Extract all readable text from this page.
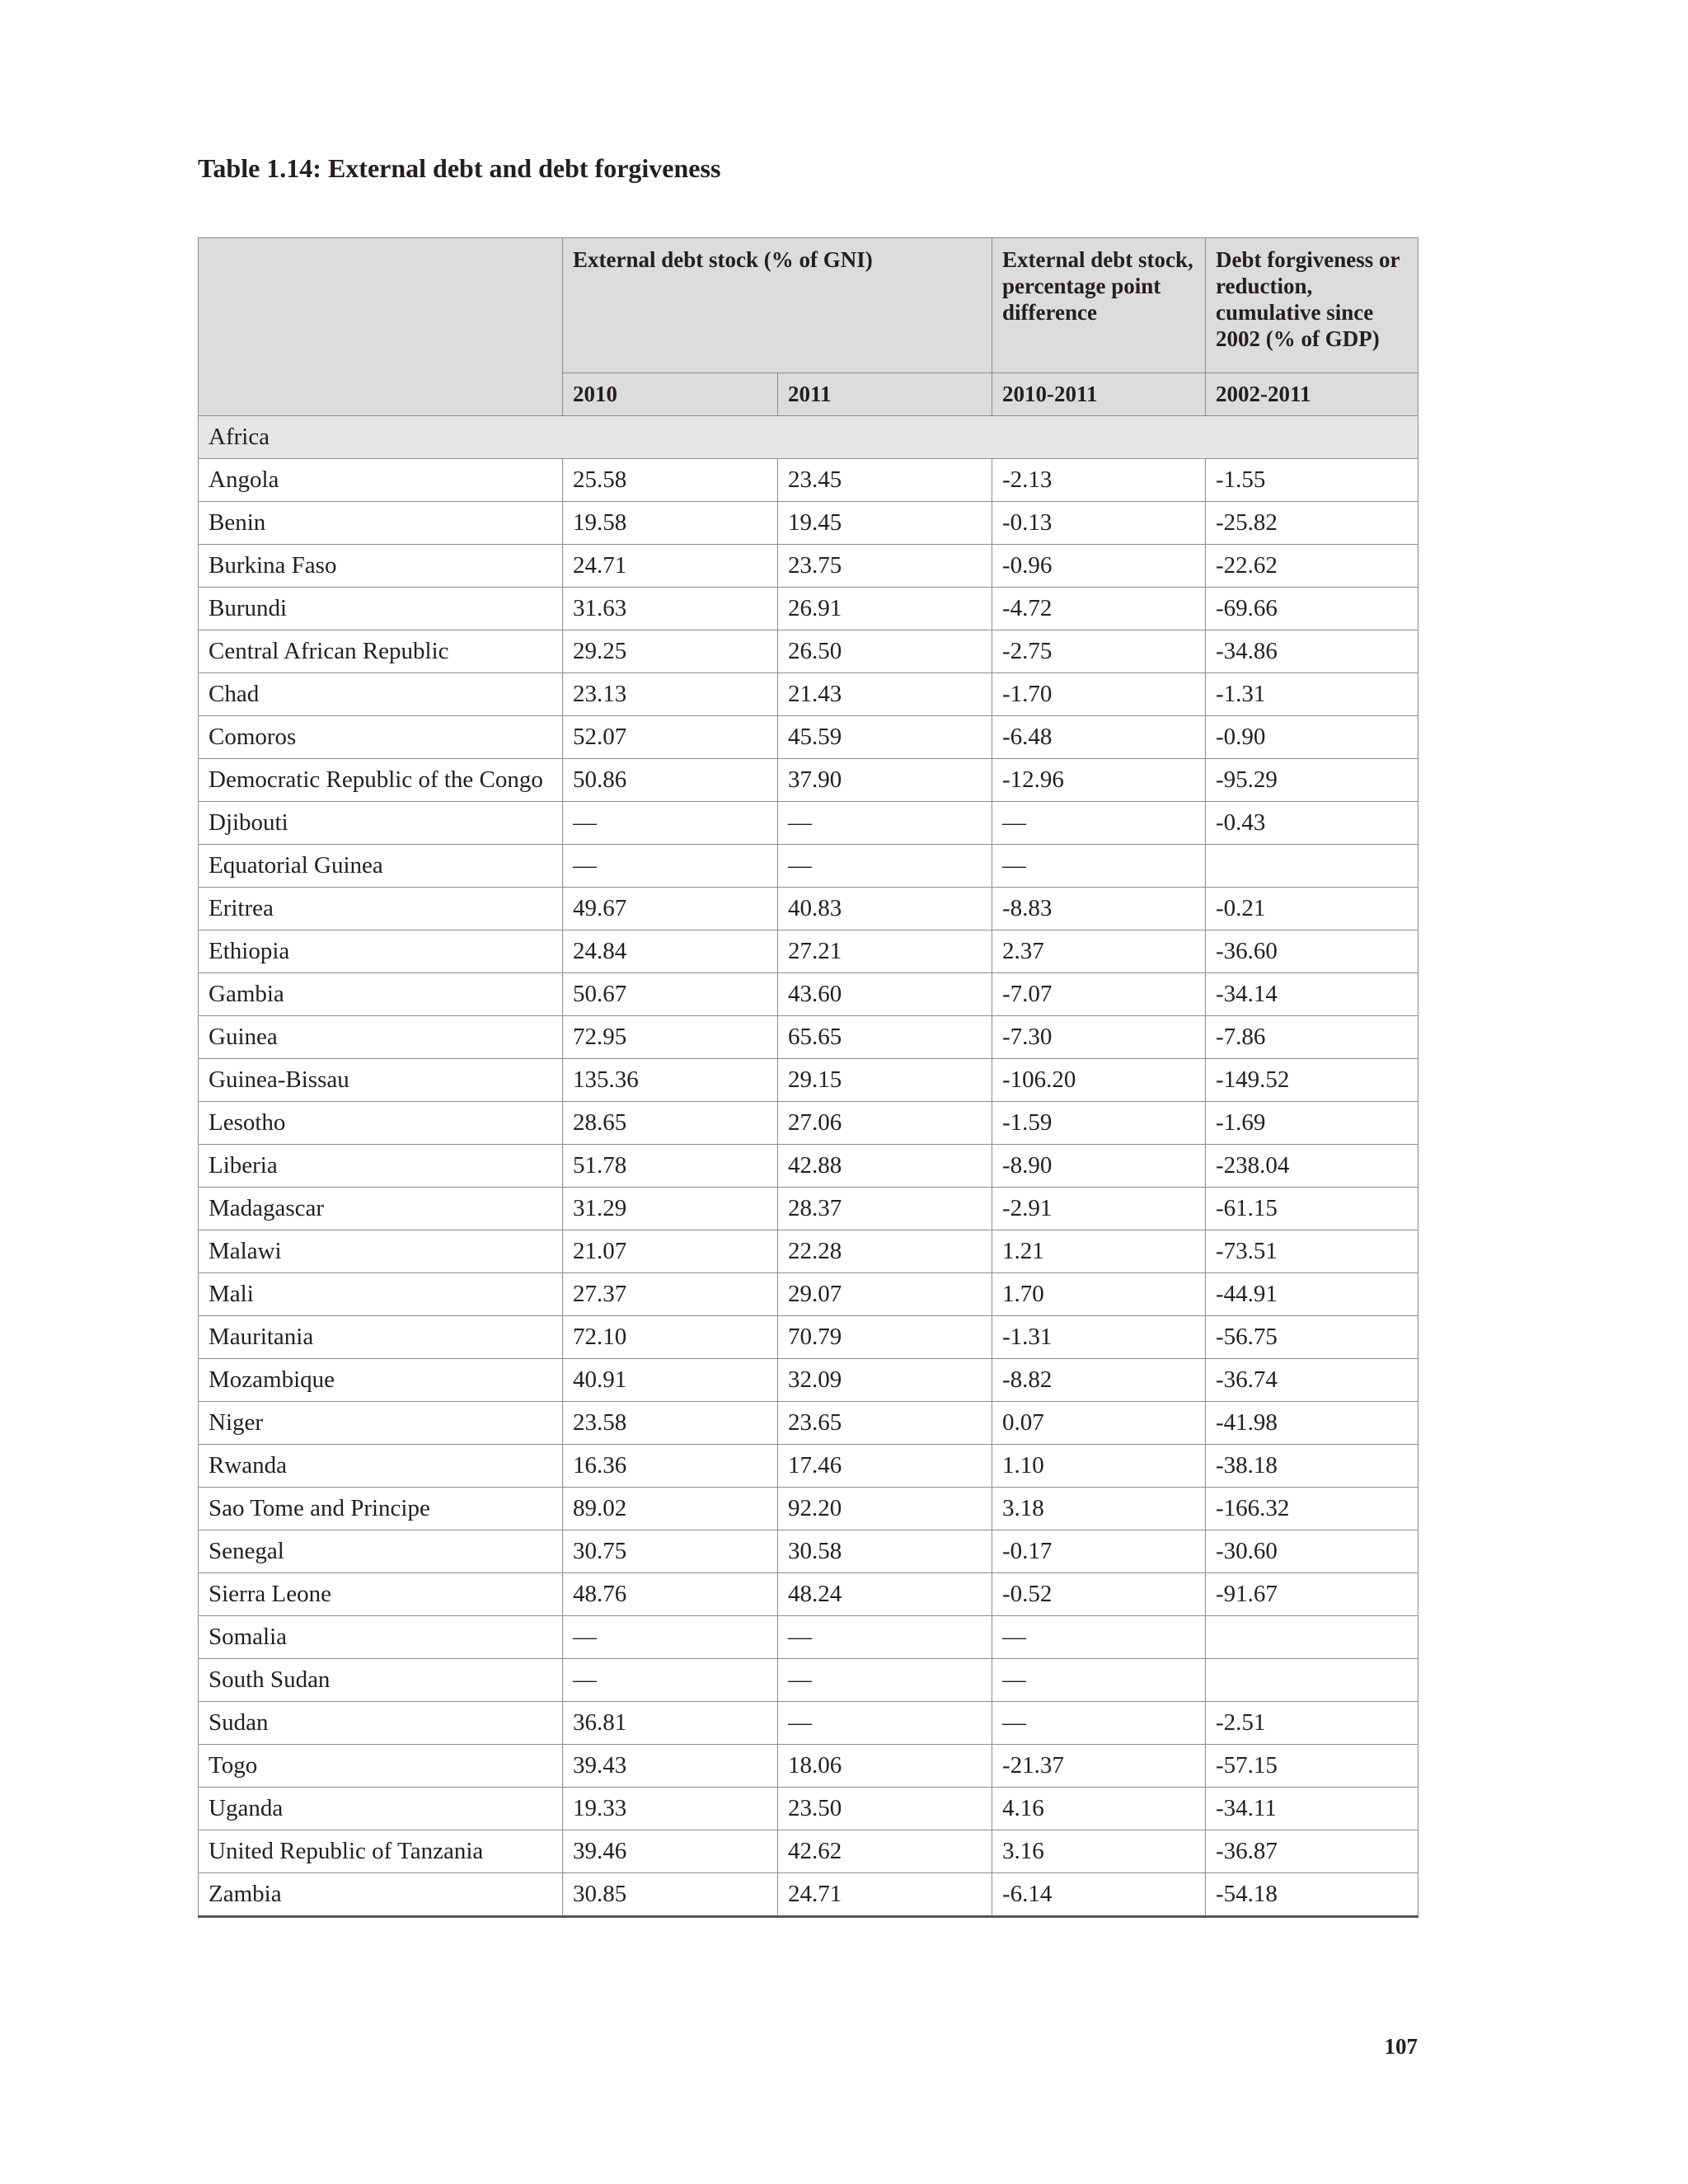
Table 1.14: External debt and debt forgiveness
	External debt stock (% of GNI)		External debt stock, percentage point difference	Debt forgiveness or reduction, cumulative since 2002 (% of GDP)
	2010	2011	2010-2011	2002-2011
Africa				
Angola	25.58	23.45	-2.13	-1.55
Benin	19.58	19.45	-0.13	-25.82
Burkina Faso	24.71	23.75	-0.96	-22.62
Burundi	31.63	26.91	-4.72	-69.66
Central African Republic	29.25	26.50	-2.75	-34.86
Chad	23.13	21.43	-1.70	-1.31
Comoros	52.07	45.59	-6.48	-0.90
Democratic Republic of the Congo	50.86	37.90	-12.96	-95.29
Djibouti	—	—	—	-0.43
Equatorial Guinea	—	—	—	
Eritrea	49.67	40.83	-8.83	-0.21
Ethiopia	24.84	27.21	2.37	-36.60
Gambia	50.67	43.60	-7.07	-34.14
Guinea	72.95	65.65	-7.30	-7.86
Guinea-Bissau	135.36	29.15	-106.20	-149.52
Lesotho	28.65	27.06	-1.59	-1.69
Liberia	51.78	42.88	-8.90	-238.04
Madagascar	31.29	28.37	-2.91	-61.15
Malawi	21.07	22.28	1.21	-73.51
Mali	27.37	29.07	1.70	-44.91
Mauritania	72.10	70.79	-1.31	-56.75
Mozambique	40.91	32.09	-8.82	-36.74
Niger	23.58	23.65	0.07	-41.98
Rwanda	16.36	17.46	1.10	-38.18
Sao Tome and Principe	89.02	92.20	3.18	-166.32
Senegal	30.75	30.58	-0.17	-30.60
Sierra Leone	48.76	48.24	-0.52	-91.67
Somalia	—	—	—	
South Sudan	—	—	—	
Sudan	36.81	—	—	-2.51
Togo	39.43	18.06	-21.37	-57.15
Uganda	19.33	23.50	4.16	-34.11
United Republic of Tanzania	39.46	42.62	3.16	-36.87
Zambia	30.85	24.71	-6.14	-54.18
107
